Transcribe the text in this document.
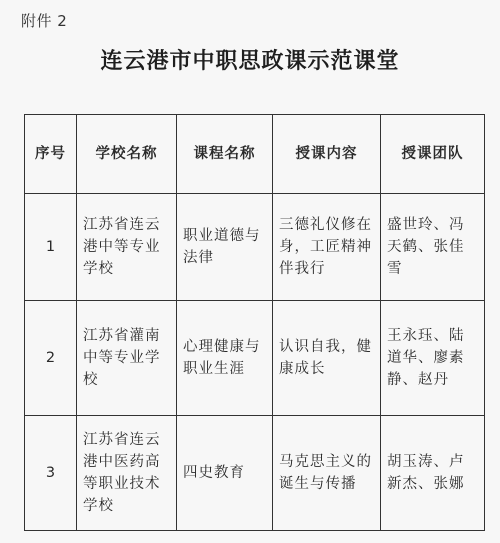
附件 2
连云港市中职思政课示范课堂
序号	学校名称	课程名称	授课内容	授课团队
1	江苏省连云港中等专业学校	职业道德与法律	三德礼仪修在身，工匠精神伴我行	盛世玲、冯天鹤、张佳雪
2	江苏省灌南中等专业学校	心理健康与职业生涯	认识自我，健康成长	王永珏、陆道华、廖素静、赵丹
3	江苏省连云港中医药高等职业技术学校	四史教育	马克思主义的诞生与传播	胡玉涛、卢新杰、张娜
